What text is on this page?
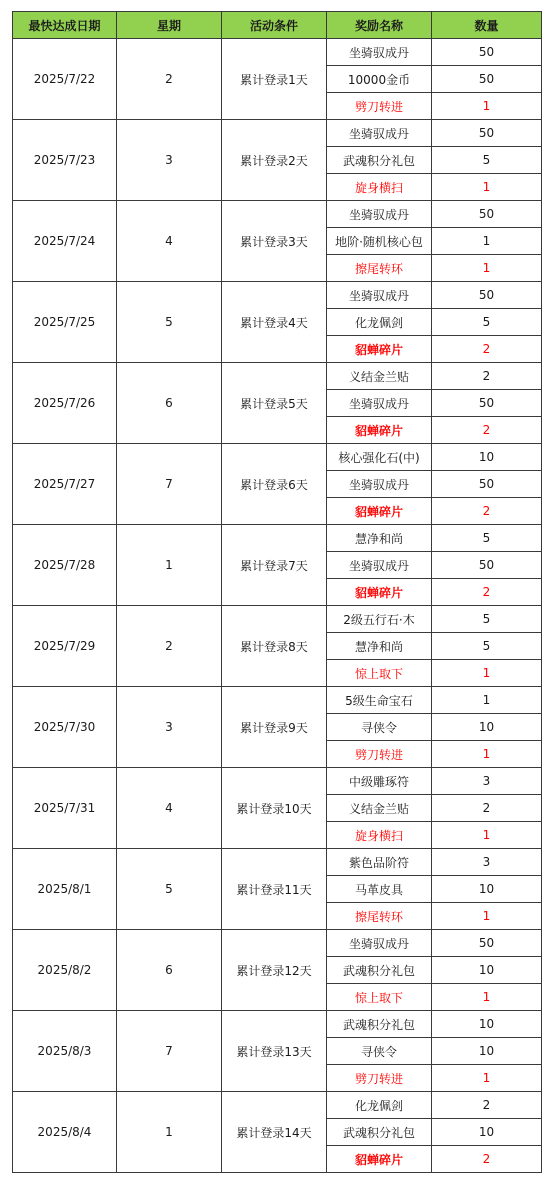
最快达成日期	星期	活动条件	奖励名称	数量
2025/7/22	2	累计登录1天	坐骑驭成丹	50
			10000金币	50
			劈刀转进	1
2025/7/23	3	累计登录2天	坐骑驭成丹	50
			武魂积分礼包	5
			旋身横扫	1
2025/7/24	4	累计登录3天	坐骑驭成丹	50
			地阶·随机核心包	1
			擦尾转环	1
2025/7/25	5	累计登录4天	坐骑驭成丹	50
			化龙佩剑	5
			貂蝉碎片	2
2025/7/26	6	累计登录5天	义结金兰贴	2
			坐骑驭成丹	50
			貂蝉碎片	2
2025/7/27	7	累计登录6天	核心强化石(中)	10
			坐骑驭成丹	50
			貂蝉碎片	2
2025/7/28	1	累计登录7天	慧净和尚	5
			坐骑驭成丹	50
			貂蝉碎片	2
2025/7/29	2	累计登录8天	2级五行石·木	5
			慧净和尚	5
			惊上取下	1
2025/7/30	3	累计登录9天	5级生命宝石	1
			寻侠令	10
			劈刀转进	1
2025/7/31	4	累计登录10天	中级雕琢符	3
			义结金兰贴	2
			旋身横扫	1
2025/8/1	5	累计登录11天	紫色品阶符	3
			马革皮具	10
			擦尾转环	1
2025/8/2	6	累计登录12天	坐骑驭成丹	50
			武魂积分礼包	10
			惊上取下	1
2025/8/3	7	累计登录13天	武魂积分礼包	10
			寻侠令	10
			劈刀转进	1
2025/8/4	1	累计登录14天	化龙佩剑	2
			武魂积分礼包	10
			貂蝉碎片	2
